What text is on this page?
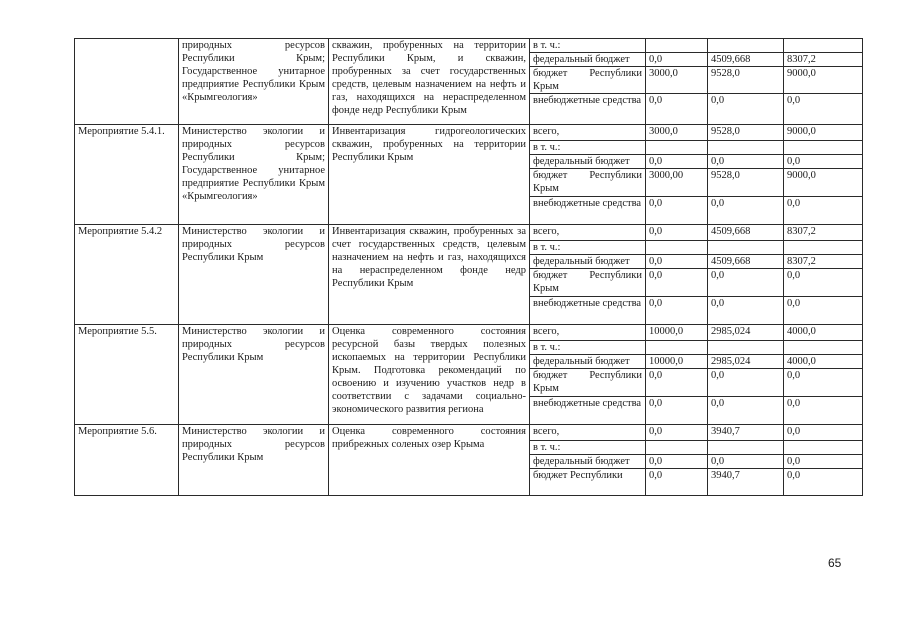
	природных ресурсов Республики Крым; Государственное унитарное предприятие Республики Крым «Крымгеология»	скважин, пробуренных на территории Республики Крым, и скважин, пробуренных за счет государственных средств, целевым назначением на нефть и газ, находящихся на нераспределенном фонде недр Республики Крым	в т. ч.:			
			федеральный бюджет	0,0	4509,668	8307,2
			бюджет Республики Крым	3000,0	9528,0	9000,0
			внебюджетные средства	0,0	0,0	0,0
Мероприятие 5.4.1.	Министерство экологии и природных ресурсов Республики Крым; Государственное унитарное предприятие Республики Крым «Крымгеология»	Инвентаризация гидрогеологических скважин, пробуренных на территории Республики Крым	всего,	3000,0	9528,0	9000,0
			в т. ч.:			
			федеральный бюджет	0,0	0,0	0,0
			бюджет Республики Крым	3000,00	9528,0	9000,0
			внебюджетные средства	0,0	0,0	0,0
Мероприятие 5.4.2	Министерство экологии и природных ресурсов Республики Крым	Инвентаризация скважин, пробуренных за счет государственных средств, целевым назначением на нефть и газ, находящихся на нераспределенном фонде недр Республики Крым	всего,	0,0	4509,668	8307,2
			в т. ч.:			
			федеральный бюджет	0,0	4509,668	8307,2
			бюджет Республики Крым	0,0	0,0	0,0
			внебюджетные средства	0,0	0,0	0,0
Мероприятие 5.5.	Министерство экологии и природных ресурсов Республики Крым	Оценка современного состояния ресурсной базы твердых полезных ископаемых на территории Республики Крым. Подготовка рекомендаций по освоению и изучению участков недр в соответствии с задачами социально-экономического развития региона	всего,	10000,0	2985,024	4000,0
			в т. ч.:			
			федеральный бюджет	10000,0	2985,024	4000,0
			бюджет Республики Крым	0,0	0,0	0,0
			внебюджетные средства	0,0	0,0	0,0
Мероприятие 5.6.	Министерство экологии и природных ресурсов Республики Крым	Оценка современного состояния прибрежных соленых озер Крыма	всего,	0,0	3940,7	0,0
			в т. ч.:			
			федеральный бюджет	0,0	0,0	0,0
			бюджет Республики	0,0	3940,7	0,0
65
